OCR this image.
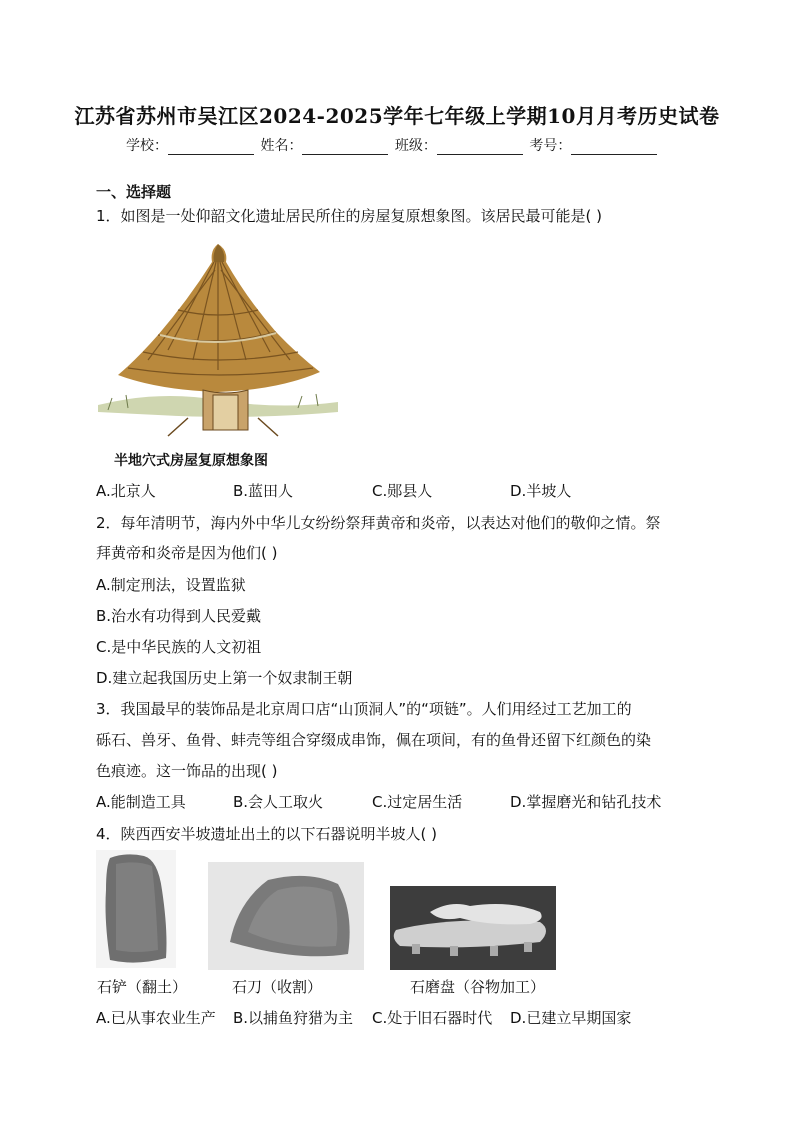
江苏省苏州市吴江区2024-2025学年七年级上学期10月月考历史试卷
学校：	姓名：	班级：	考号：
一、选择题
1．如图是一处仰韶文化遗址居民所住的房屋复原想象图。该居民最可能是( )
半地穴式房屋复原想象图
A.北京人	B.蓝田人	C.郧县人	D.半坡人
2．每年清明节，海内外中华儿女纷纷祭拜黄帝和炎帝，以表达对他们的敬仰之情。祭
拜黄帝和炎帝是因为他们( )
A.制定刑法，设置监狱
B.治水有功得到人民爱戴
C.是中华民族的人文初祖
D.建立起我国历史上第一个奴隶制王朝
3．我国最早的装饰品是北京周口店“山顶洞人”的“项链”。人们用经过工艺加工的
砾石、兽牙、鱼骨、蚌壳等组合穿缀成串饰，佩在项间，有的鱼骨还留下红颜色的染
色痕迹。这一饰品的出现( )
A.能制造工具	B.会人工取火	C.过定居生活	D.掌握磨光和钻孔技术
4．陕西西安半坡遗址出土的以下石器说明半坡人( )
石铲（翻土）	石刀（收割）	石磨盘（谷物加工）
A.已从事农业生产 B.以捕鱼狩猎为主 C.处于旧石器时代 D.已建立早期国家
